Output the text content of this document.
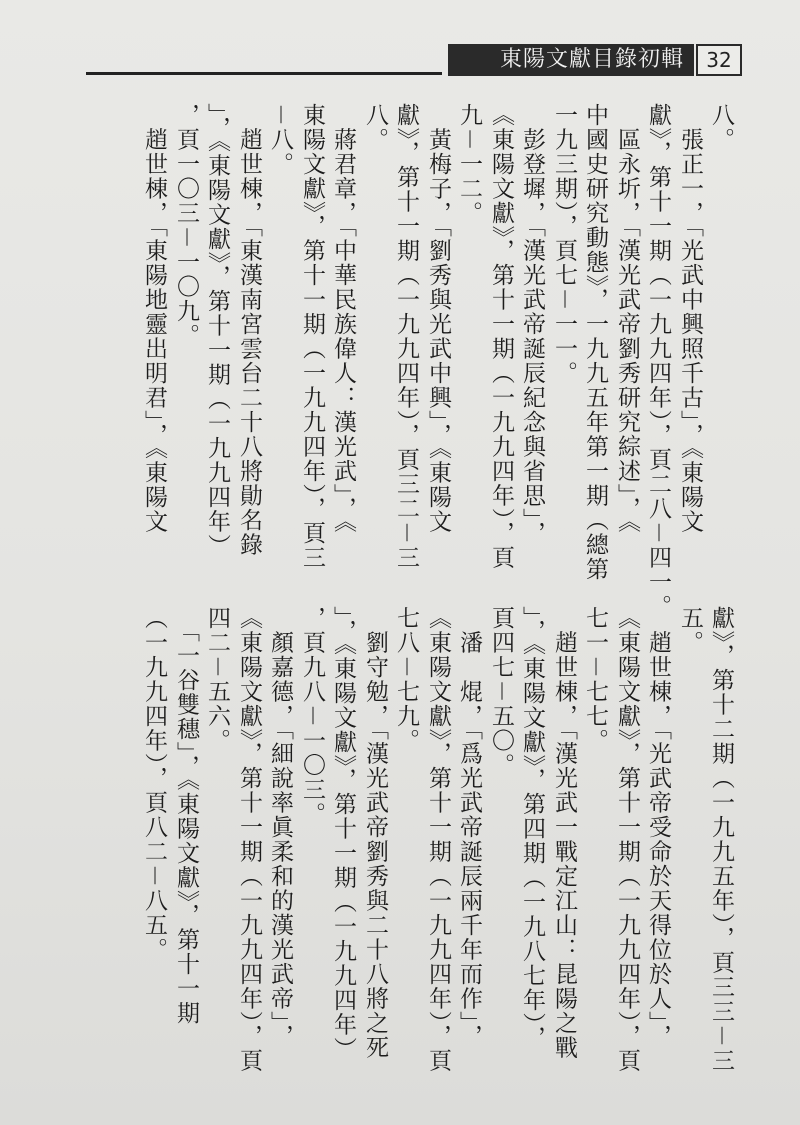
東陽文獻目錄初輯	32
八。
　張正一，「光武中興照千古」，《東陽文
獻》，第十一期（一九九四年），頁二八－四一。
　區永圻，「漢光武帝劉秀研究綜述」，《
中國史研究動態》，一九九五年第一期（總第
一九三期），頁七－一一。
　彭登墀，「漢光武帝誕辰紀念與省思」，
《東陽文獻》，第十一期（一九九四年），頁
九－一二。
　黃梅子，「劉秀與光武中興」，《東陽文
獻》，第十一期（一九九四年），頁三二－三
八。
　蔣君章，「中華民族偉人：漢光武」，《
東陽文獻》，第十一期（一九九四年），頁三
－八。
　趙世棟，「東漢南宮雲台二十八將勛名錄
」，《東陽文獻》，第十一期（一九九四年）
，頁一〇三－一〇九。
　趙世棟，「東陽地靈出明君」，《東陽文
獻》，第十二期（一九九五年），頁三三－三
五。
　趙世棟，「光武帝受命於天得位於人」，
《東陽文獻》，第十一期（一九九四年），頁
七一－七七。
　趙世棟，「漢光武一戰定江山：昆陽之戰
」，《東陽文獻》，第四期（一九八七年），
頁四七－五〇。
　潘　焜，「爲光武帝誕辰兩千年而作」，
《東陽文獻》，第十一期（一九九四年），頁
七八－七九。
　劉守勉，「漢光武帝劉秀與二十八將之死
」，《東陽文獻》，第十一期（一九九四年）
，頁九八－一〇三。
　顏嘉德，「細說率眞柔和的漢光武帝」，
《東陽文獻》，第十一期（一九九四年），頁
四二－五六。
　「一谷雙穗」，《東陽文獻》，第十一期
（一九九四年），頁八二－八五。
